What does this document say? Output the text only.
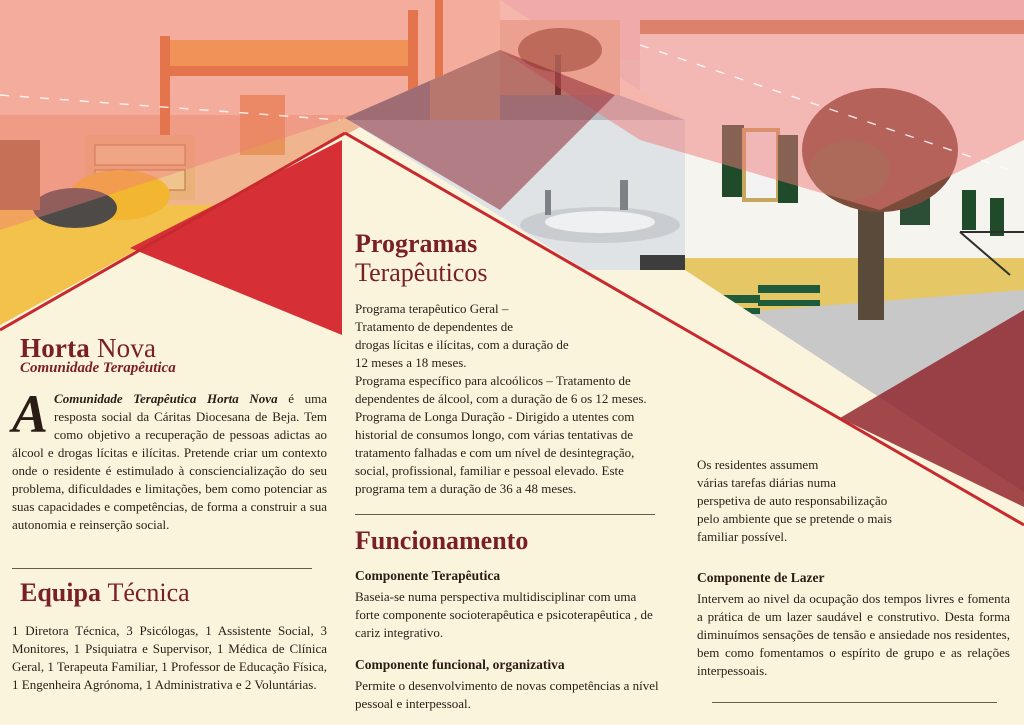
Horta Nova
Comunidade Terapêutica
A Comunidade Terapêutica Horta Nova é uma resposta social da Cáritas Diocesana de Beja. Tem como objetivo a recuperação de pessoas adictas ao álcool e drogas lícitas e ilícitas. Pretende criar um contexto onde o residente é estimulado à consciencialização do seu problema, dificuldades e limitações, bem como potenciar as suas capacidades e competências, de forma a construir a sua autonomia e reinserção social.
Equipa Técnica
1 Diretora Técnica, 3 Psicólogas, 1 Assistente Social, 3 Monitores, 1 Psiquiatra e Supervisor, 1 Médica de Clínica Geral, 1 Terapeuta Familiar, 1 Professor de Educação Física, 1 Engenheira Agrónoma, 1 Administrativa e 2 Voluntárias.
Programas
Terapêuticos
Programa terapêutico Geral –
Tratamento de dependentes de
drogas lícitas e ilícitas, com a duração de
12 meses a 18 meses.
Programa específico para alcoólicos – Tratamento de
dependentes de álcool, com a duração de 6 os 12 meses.
Programa de Longa Duração - Dirigido a utentes com
historial de consumos longo, com várias tentativas de
tratamento falhadas e com um nível de desintegração,
social, profissional, familiar e pessoal elevado. Este
programa tem a duração de 36 a 48 meses.
Funcionamento
Componente Terapêutica
Baseia-se numa perspectiva multidisciplinar com uma forte componente socioterapêutica e psicoterapêutica , de cariz integrativo.
Componente funcional, organizativa
Permite o desenvolvimento de novas competências a nível pessoal e interpessoal.
Os residentes assumem
várias tarefas diárias numa
perspetiva de auto responsabilização
pelo ambiente que se pretende o mais
familiar possível.
Componente de Lazer
Intervem ao nivel da ocupação dos tempos livres e fomenta a prática de um lazer saudável e construtivo. Desta forma diminuímos sensações de tensão e ansiedade nos residentes, bem como fomentamos o espírito de grupo e as relações interpessoais.
